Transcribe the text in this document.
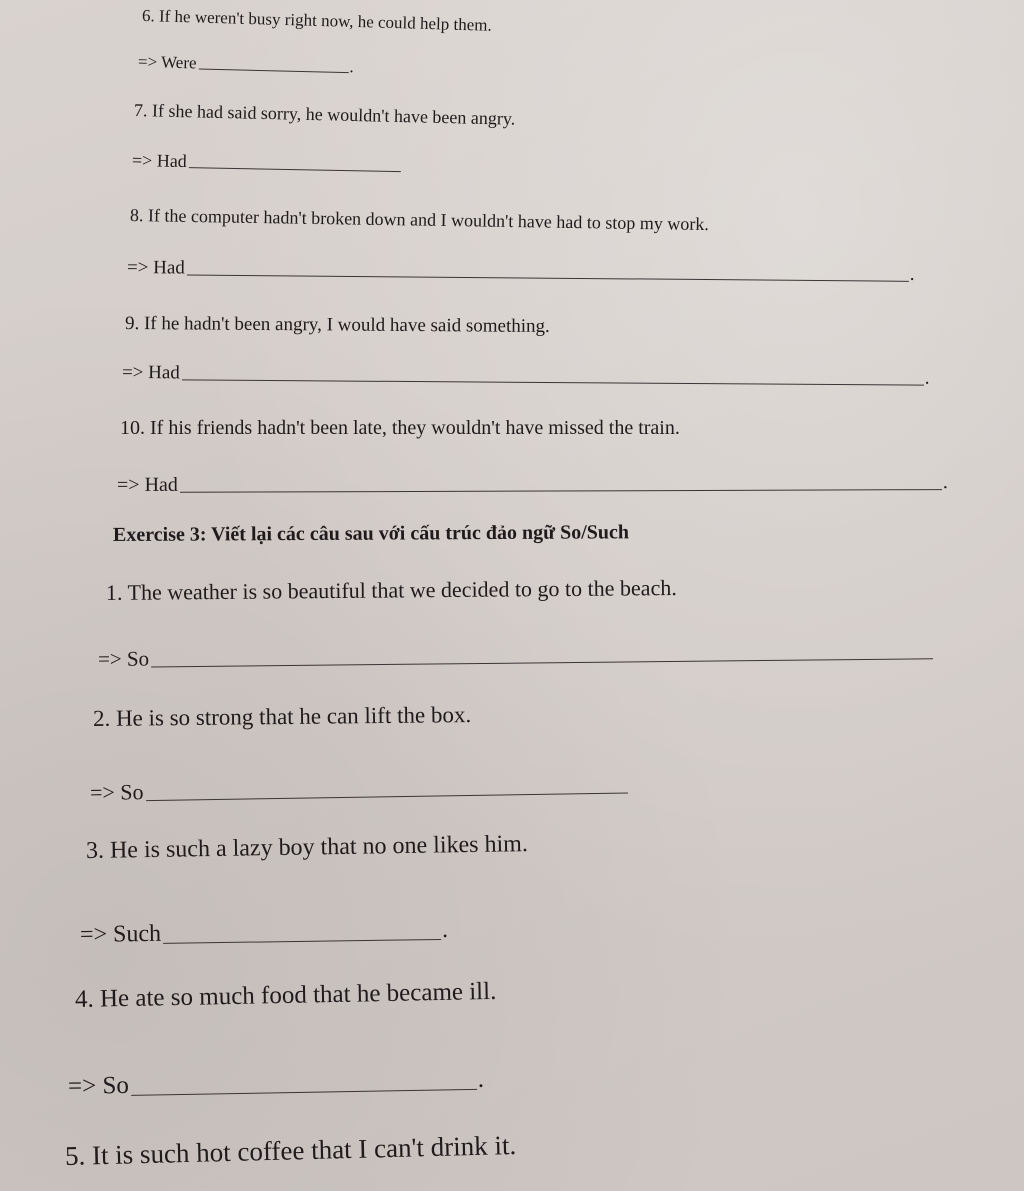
6. If he weren't busy right now, he could help them.
=> Were	.
7. If she had said sorry, he wouldn't have been angry.
=> Had
8. If the computer hadn't broken down and I wouldn't have had to stop my work.
=> Had	.
9. If he hadn't been angry, I would have said something.
=> Had	.
10. If his friends hadn't been late, they wouldn't have missed the train.
=> Had	.
Exercise 3: Viết lại các câu sau với cấu trúc đảo ngữ So/Such
1. The weather is so beautiful that we decided to go to the beach.
=> So
2. He is so strong that he can lift the box.
=> So
3. He is such a lazy boy that no one likes him.
=> Such	.
4. He ate so much food that he became ill.
=> So	.
5. It is such hot coffee that I can't drink it.
